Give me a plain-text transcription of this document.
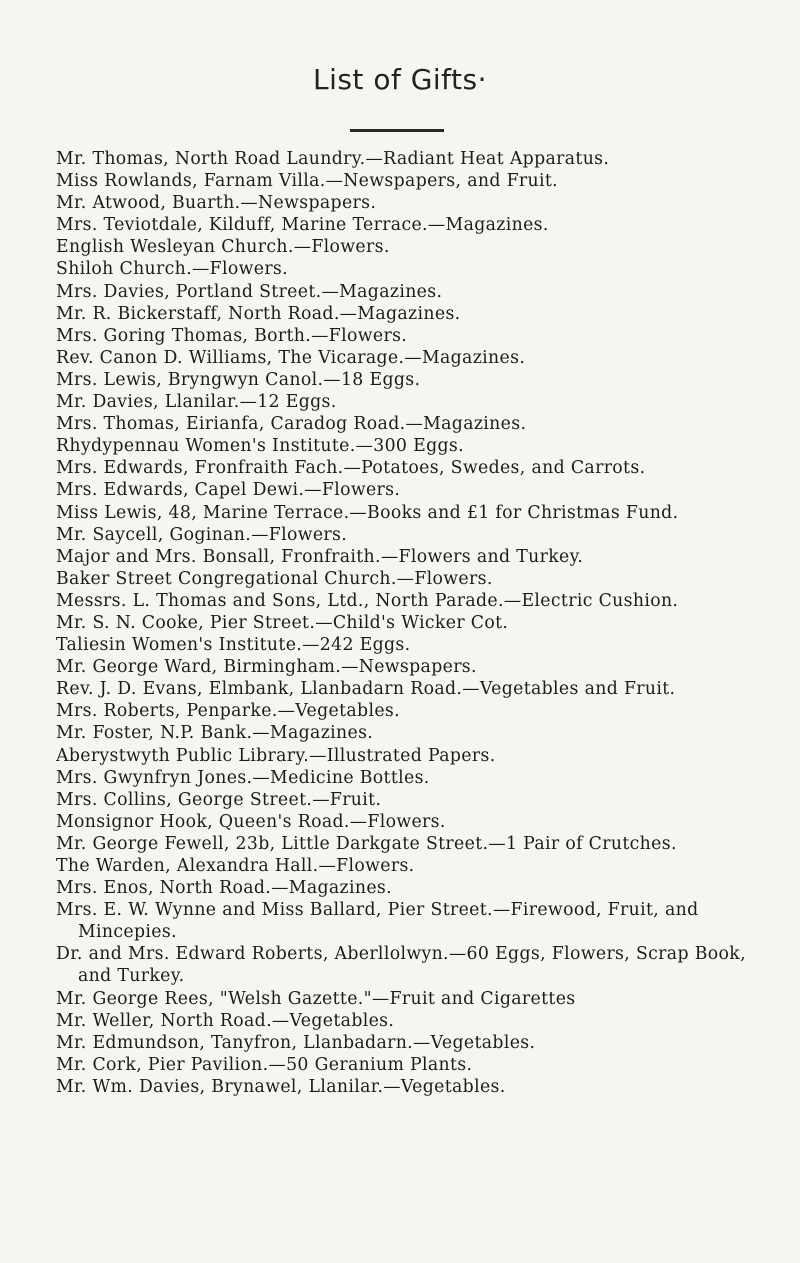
List of Gifts·
Mr. Thomas, North Road Laundry.—Radiant Heat Apparatus.
Miss Rowlands, Farnam Villa.—Newspapers, and Fruit.
Mr. Atwood, Buarth.—Newspapers.
Mrs. Teviotdale, Kilduff, Marine Terrace.—Magazines.
English Wesleyan Church.—Flowers.
Shiloh Church.—Flowers.
Mrs. Davies, Portland Street.—Magazines.
Mr. R. Bickerstaff, North Road.—Magazines.
Mrs. Goring Thomas, Borth.—Flowers.
Rev. Canon D. Williams, The Vicarage.—Magazines.
Mrs. Lewis, Bryngwyn Canol.—18 Eggs.
Mr. Davies, Llanilar.—12 Eggs.
Mrs. Thomas, Eirianfa, Caradog Road.—Magazines.
Rhydypennau Women's Institute.—300 Eggs.
Mrs. Edwards, Fronfraith Fach.—Potatoes, Swedes, and Carrots.
Mrs. Edwards, Capel Dewi.—Flowers.
Miss Lewis, 48, Marine Terrace.—Books and £1 for Christmas Fund.
Mr. Saycell, Goginan.—Flowers.
Major and Mrs. Bonsall, Fronfraith.—Flowers and Turkey.
Baker Street Congregational Church.—Flowers.
Messrs. L. Thomas and Sons, Ltd., North Parade.—Electric Cushion.
Mr. S. N. Cooke, Pier Street.—Child's Wicker Cot.
Taliesin Women's Institute.—242 Eggs.
Mr. George Ward, Birmingham.—Newspapers.
Rev. J. D. Evans, Elmbank, Llanbadarn Road.—Vegetables and Fruit.
Mrs. Roberts, Penparke.—Vegetables.
Mr. Foster, N.P. Bank.—Magazines.
Aberystwyth Public Library.—Illustrated Papers.
Mrs. Gwynfryn Jones.—Medicine Bottles.
Mrs. Collins, George Street.—Fruit.
Monsignor Hook, Queen's Road.—Flowers.
Mr. George Fewell, 23b, Little Darkgate Street.—1 Pair of Crutches.
The Warden, Alexandra Hall.—Flowers.
Mrs. Enos, North Road.—Magazines.
Mrs. E. W. Wynne and Miss Ballard, Pier Street.—Firewood, Fruit, and Mincepies.
Dr. and Mrs. Edward Roberts, Aberllolwyn.—60 Eggs, Flowers, Scrap Book, and Turkey.
Mr. George Rees, "Welsh Gazette."—Fruit and Cigarettes
Mr. Weller, North Road.—Vegetables.
Mr. Edmundson, Tanyfron, Llanbadarn.—Vegetables.
Mr. Cork, Pier Pavilion.—50 Geranium Plants.
Mr. Wm. Davies, Brynawel, Llanilar.—Vegetables.
